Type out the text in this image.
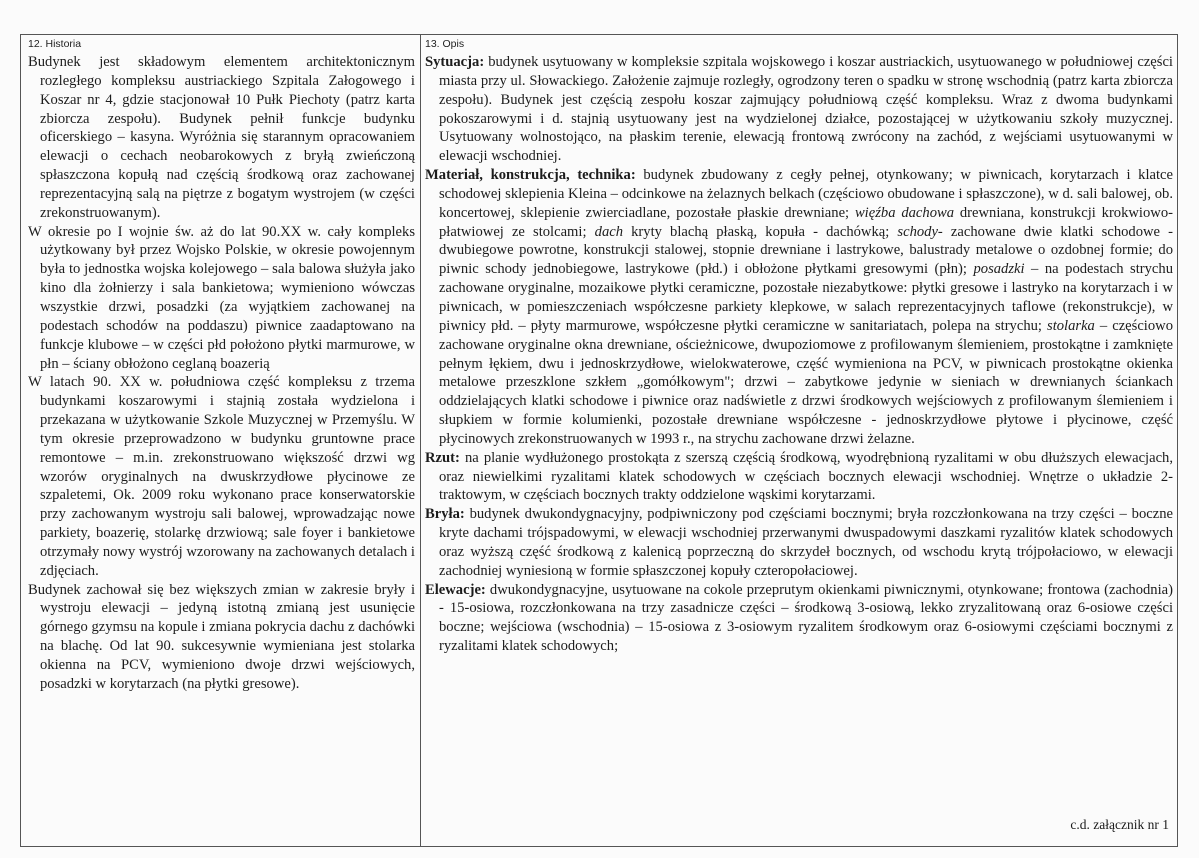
12. Historia

Budynek jest składowym elementem architektonicznym rozległego kompleksu austriackiego Szpitala Załogowego i Koszar nr 4, gdzie stacjonował 10 Pułk Piechoty (patrz karta zbiorcza zespołu). Budynek pełnił funkcje budynku oficerskiego – kasyna. Wyróżnia się starannym opracowaniem elewacji o cechach neobarokowych z bryłą zwieńczoną spłaszczona kopułą nad częścią środkową oraz zachowanej reprezentacyjną salą na piętrze z bogatym wystrojem (w części zrekonstruowanym).

W okresie po I wojnie św. aż do lat 90.XX w. cały kompleks użytkowany był przez Wojsko Polskie, w okresie powojennym była to jednostka wojska kolejowego – sala balowa służyła jako kino dla żołnierzy i sala bankietowa; wymieniono wówczas wszystkie drzwi, posadzki (za wyjątkiem zachowanej na podestach schodów na poddaszu) piwnice zaadaptowano na funkcje klubowe – w części płd położono płytki marmurowe, w płn – ściany obłożono ceglaną boazerią

W latach 90. XX w. południowa część kompleksu z trzema budynkami koszarowymi i stajnią została wydzielona i przekazana w użytkowanie Szkole Muzycznej w Przemyślu. W tym okresie przeprowadzono w budynku gruntowne prace remontowe – m.in. zrekonstruowano większość drzwi wg wzorów oryginalnych na dwuskrzydłowe płycinowe ze szpaletemi, Ok. 2009 roku wykonano prace konserwatorskie przy zachowanym wystroju sali balowej, wprowadzając nowe parkiety, boazerię, stolarkę drzwiową; sale foyer i bankietowe otrzymały nowy wystrój wzorowany na zachowanych detalach i zdjęciach.

Budynek zachował się bez większych zmian w zakresie bryły i wystroju elewacji – jedyną istotną zmianą jest usunięcie górnego gzymsu na kopule i zmiana pokrycia dachu z dachówki na blachę. Od lat 90. sukcesywnie wymieniana jest stolarka okienna na PCV, wymieniono dwoje drzwi wejściowych, posadzki w korytarzach (na płytki gresowe).

13. Opis

Sytuacja: budynek usytuowany w kompleksie szpitala wojskowego i koszar austriackich, usytuowanego w południowej części miasta przy ul. Słowackiego. Założenie zajmuje rozległy, ogrodzony teren o spadku w stronę wschodnią (patrz karta zbiorcza zespołu). Budynek jest częścią zespołu koszar zajmujący południową część kompleksu. Wraz z dwoma budynkami pokoszarowymi i d. stajnią usytuowany jest na wydzielonej działce, pozostającej w użytkowaniu szkoły muzycznej. Usytuowany wolnostojąco, na płaskim terenie, elewacją frontową zwrócony na zachód, z wejściami usytuowanymi w elewacji wschodniej.

Materiał, konstrukcja, technika: budynek zbudowany z cegły pełnej, otynkowany; w piwnicach, korytarzach i klatce schodowej sklepienia Kleina – odcinkowe na żelaznych belkach (częściowo obudowane i spłaszczone), w d. sali balowej, ob. koncertowej, sklepienie zwierciadlane, pozostałe płaskie drewniane; więźba dachowa drewniana, konstrukcji krokwiowo-płatwiowej ze stolcami; dach kryty blachą płaską, kopuła - dachówką; schody- zachowane dwie klatki schodowe - dwubiegowe powrotne, konstrukcji stalowej, stopnie drewniane i lastrykowe, balustrady metalowe o ozdobnej formie; do piwnic schody jednobiegowe, lastrykowe (płd.) i obłożone płytkami gresowymi (płn); posadzki – na podestach strychu zachowane oryginalne, mozaikowe płytki ceramiczne, pozostałe niezabytkowe: płytki gresowe i lastryko na korytarzach i w piwnicach, w pomieszczeniach współczesne parkiety klepkowe, w salach reprezentacyjnych taflowe (rekonstrukcje), w piwnicy płd. – płyty marmurowe, współczesne płytki ceramiczne w sanitariatach, polepa na strychu; stolarka – częściowo zachowane oryginalne okna drewniane, ościeżnicowe, dwupoziomowe z profilowanym ślemieniem, prostokątne i zamknięte pełnym łękiem, dwu i jednoskrzydłowe, wielokwaterowe, część wymieniona na PCV, w piwnicach prostokątne okienka metalowe przeszklone szkłem „gomółkowym"; drzwi – zabytkowe jedynie w sieniach w drewnianych ściankach oddzielających klatki schodowe i piwnice oraz nadświetle z drzwi środkowych wejściowych z profilowanym ślemieniem i słupkiem w formie kolumienki, pozostałe drewniane współczesne - jednoskrzydłowe płytowe i płycinowe, część płycinowych zrekonstruowanych w 1993 r., na strychu zachowane drzwi żelazne.

Rzut: na planie wydłużonego prostokąta z szerszą częścią środkową, wyodrębnioną ryzalitami w obu dłuższych elewacjach, oraz niewielkimi ryzalitami klatek schodowych w częściach bocznych elewacji wschodniej. Wnętrze o układzie 2-traktowym, w częściach bocznych trakty oddzielone wąskimi korytarzami.

Bryła: budynek dwukondygnacyjny, podpiwniczony pod częściami bocznymi; bryła rozczłonkowana na trzy części – boczne kryte dachami trójspadowymi, w elewacji wschodniej przerwanymi dwuspadowymi daszkami ryzalitów klatek schodowych oraz wyższą część środkową z kalenicą poprzeczną do skrzydeł bocznych, od wschodu krytą trójpołaciowo, w elewacji zachodniej wyniesioną w formie spłaszczonej kopuły czteropołaciowej.

Elewacje: dwukondygnacyjne, usytuowane na cokole przeprutym okienkami piwnicznymi, otynkowane; frontowa (zachodnia) - 15-osiowa, rozczłonkowana na trzy zasadnicze części – środkową 3-osiową, lekko zryzalitowaną oraz 6-osiowe części boczne; wejściowa (wschodnia) – 15-osiowa z 3-osiowym ryzalitem środkowym oraz 6-osiowymi częściami bocznymi z ryzalitami klatek schodowych;

c.d. załącznik nr 1
